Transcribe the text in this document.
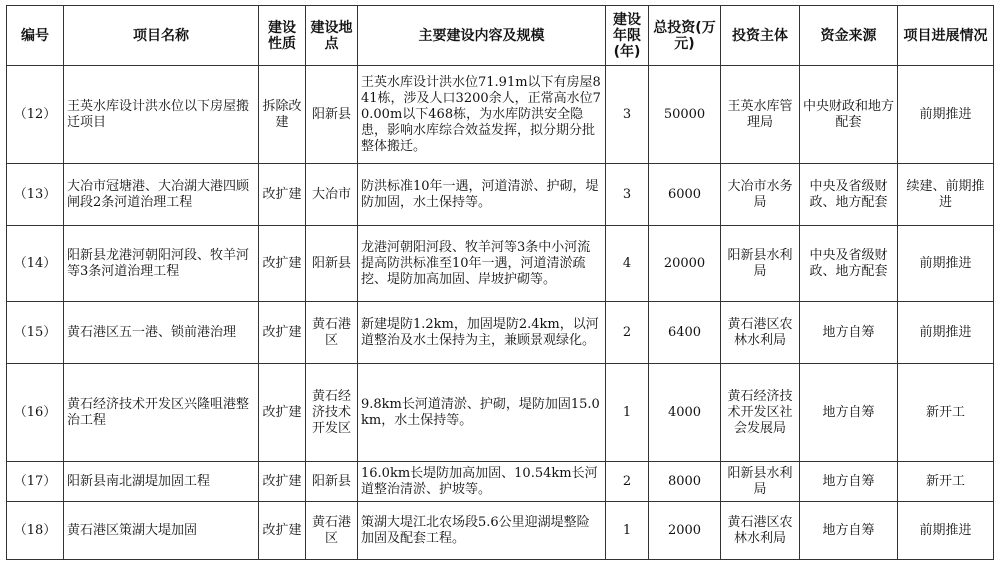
编号	项目名称	建设性质	建设地点	主要建设内容及规模	建设年限(年)	总投资(万元)	投资主体	资金来源	项目进展情况
（12）	王英水库设计洪水位以下房屋搬迁项目	拆除改建	阳新县	王英水库设计洪水位71.91m以下有房屋841栋，涉及人口3200余人，正常高水位70.00m以下468栋，为水库防洪安全隐患，影响水库综合效益发挥，拟分期分批整体搬迁。	3	50000	王英水库管理局	中央财政和地方配套	前期推进
（13）	大冶市冠塘港、大冶湖大港四顾闸段2条河道治理工程	改扩建	大冶市	防洪标准10年一遇，河道清淤、护砌，堤防加固，水土保持等。	3	6000	大冶市水务局	中央及省级财政、地方配套	续建、前期推进
（14）	阳新县龙港河朝阳河段、牧羊河等3条河道治理工程	改扩建	阳新县	龙港河朝阳河段、牧羊河等3条中小河流提高防洪标准至10年一遇，河道清淤疏挖、堤防加高加固、岸坡护砌等。	4	20000	阳新县水利局	中央及省级财政、地方配套	前期推进
（15）	黄石港区五一港、锁前港治理	改扩建	黄石港区	新建堤防1.2km，加固堤防2.4km，以河道整治及水土保持为主，兼顾景观绿化。	2	6400	黄石港区农林水利局	地方自筹	前期推进
（16）	黄石经济技术开发区兴隆咀港整治工程	改扩建	黄石经济技术开发区	9.8km长河道清淤、护砌，堤防加固15.0km，水土保持等。	1	4000	黄石经济技术开发区社会发展局	地方自筹	新开工
（17）	阳新县南北湖堤加固工程	改扩建	阳新县	16.0km长堤防加高加固、10.54km长河道整治清淤、护坡等。	2	8000	阳新县水利局	地方自筹	新开工
（18）	黄石港区策湖大堤加固	改扩建	黄石港区	策湖大堤江北农场段5.6公里迎湖堤整险加固及配套工程。	1	2000	黄石港区农林水利局	地方自筹	前期推进
